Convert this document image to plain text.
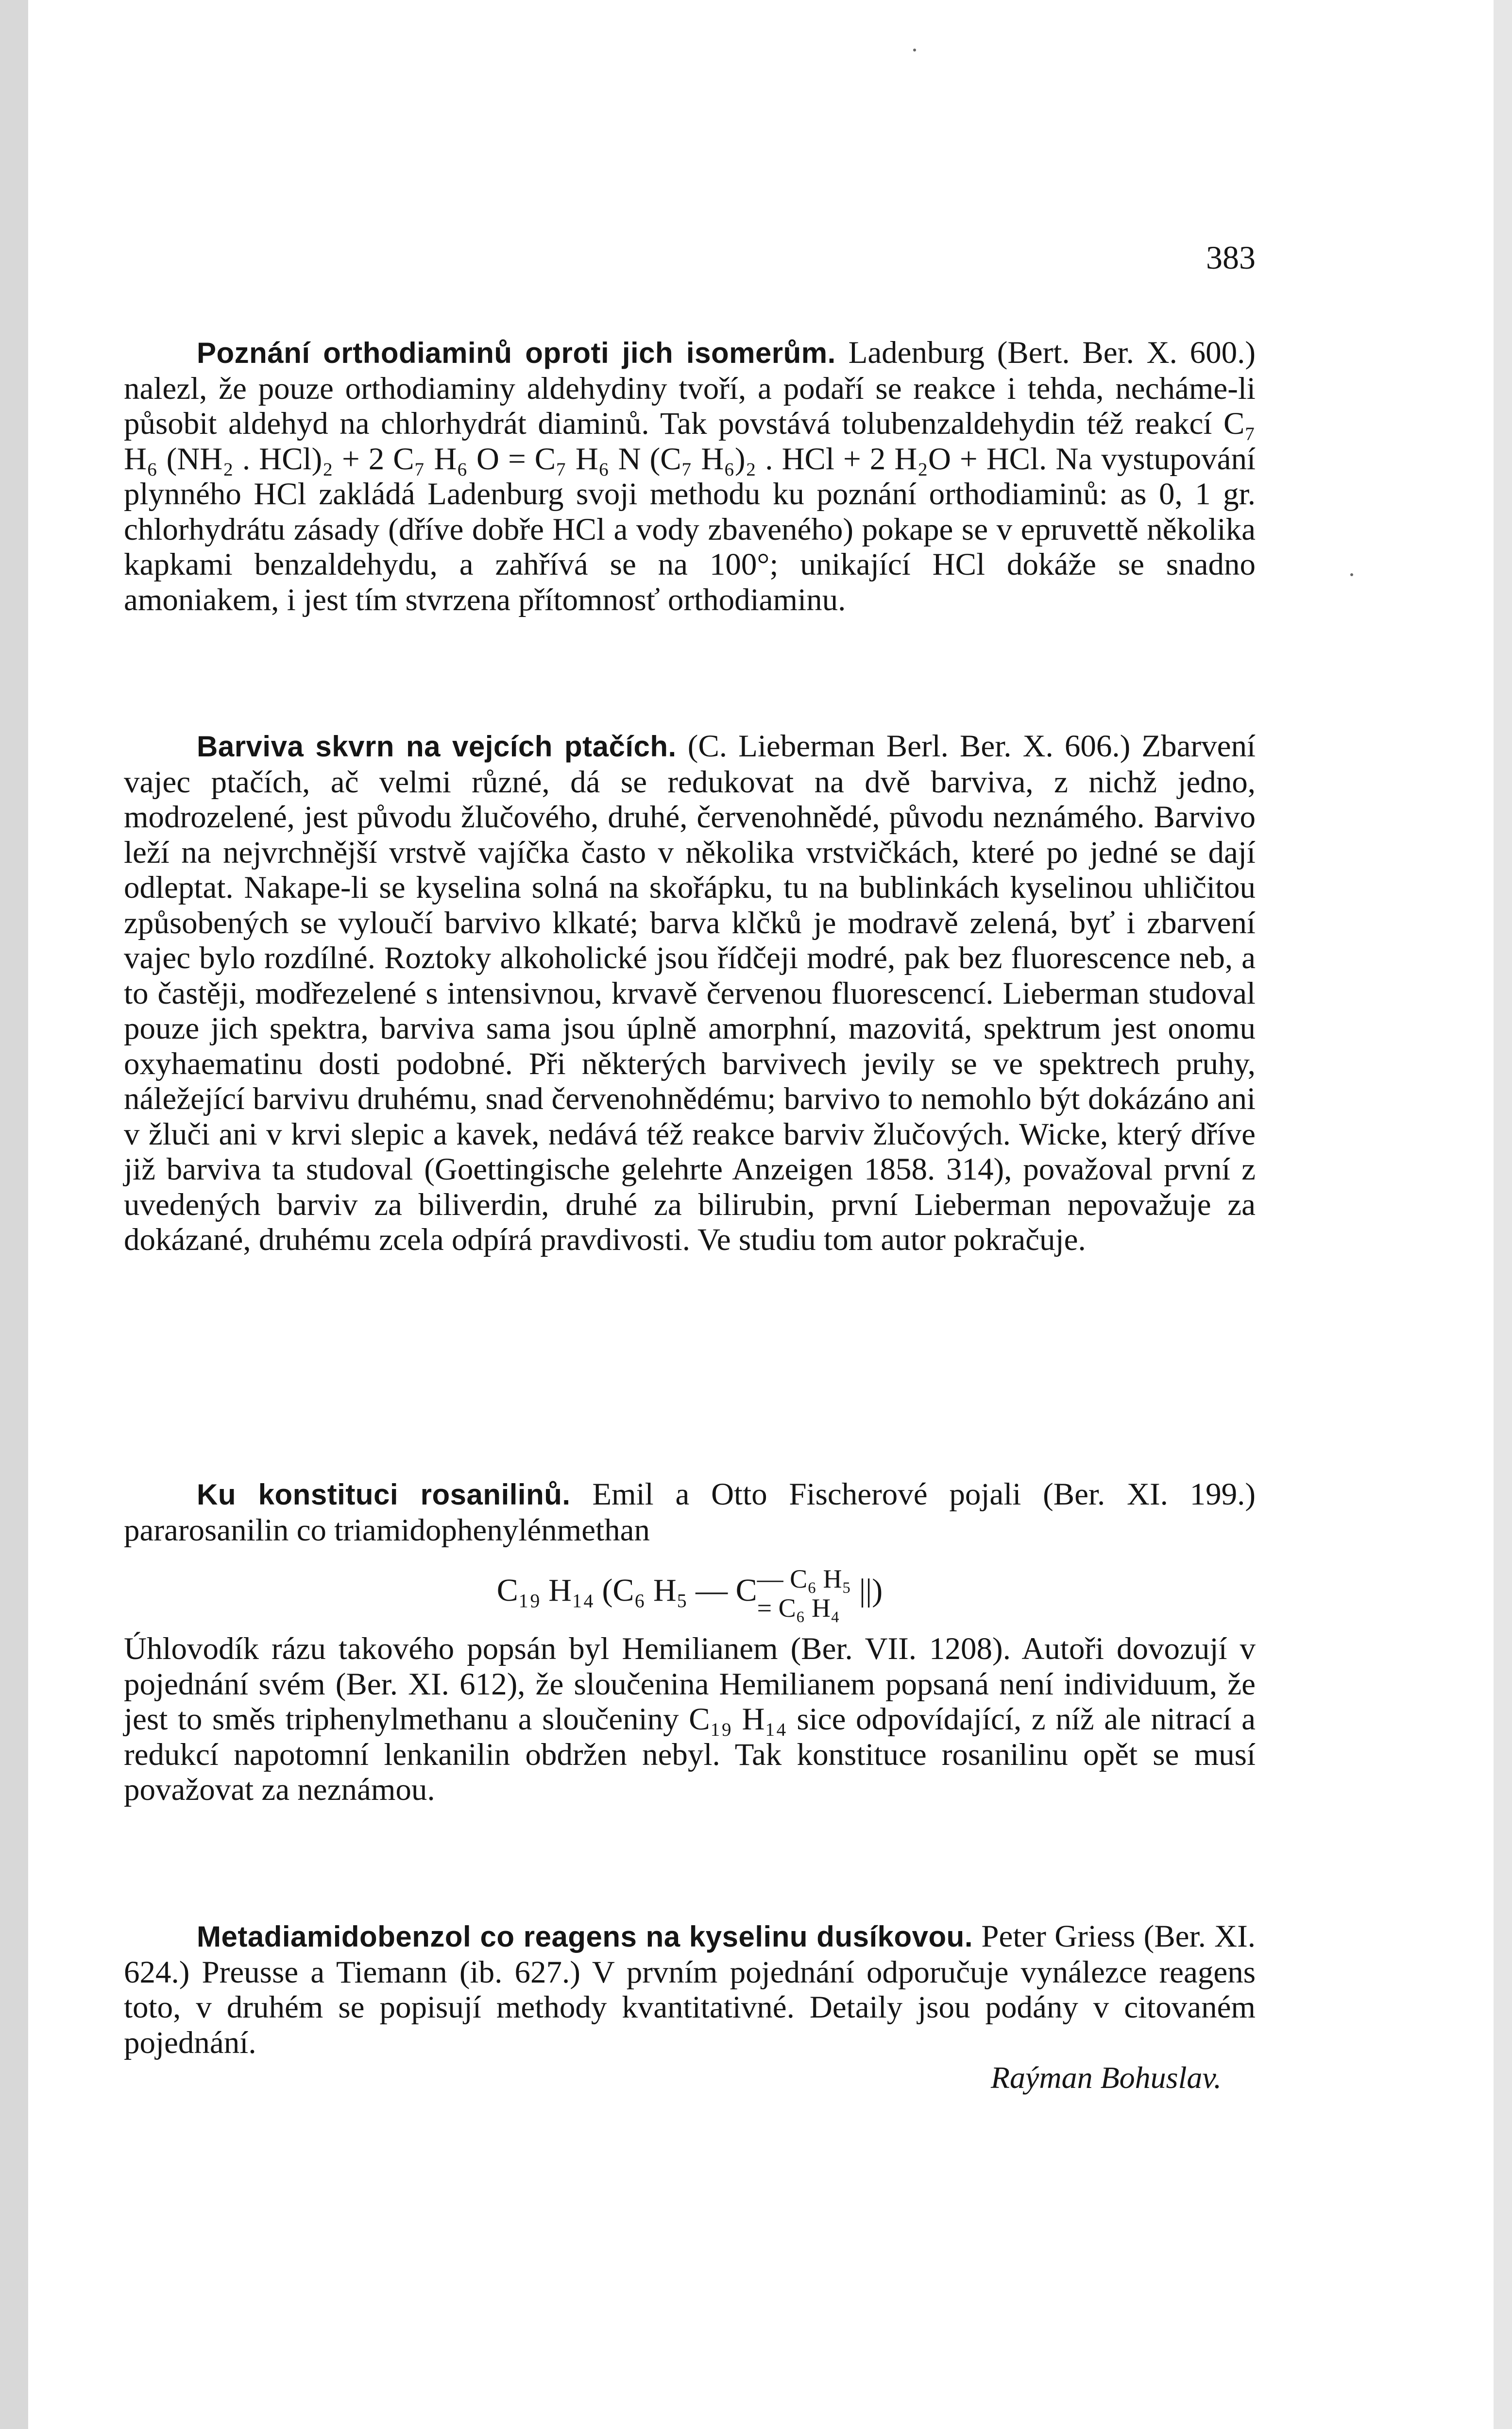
383

Poznání orthodiaminů oproti jich isomerům. Ladenburg (Bert. Ber. X. 600.) nalezl, že pouze orthodiaminy aldehydiny tvoří, a podaří se reakce i tehda, necháme-li působit aldehyd na chlorhydrát diaminů. Tak povstává tolubenzaldehydin též reakcí C₇ H₆ (NH₂ . HCl)₂ + 2 C₇ H₆ O = C₇ H₆ N (C₇ H₆)₂ . HCl + 2 H₂O + HCl. Na vystupování plynného HCl zakládá Ladenburg svoji methodu ku poznání orthodiaminů: as 0, 1 gr. chlorhydrátu zásady (dříve dobře HCl a vody zbaveného) pokape se v epruvettě několika kapkami benzaldehydu, a zahřívá se na 100°; unikající HCl dokáže se snadno amoniakem, i jest tím stvrzena přítomnosť orthodiaminu.

Barviva skvrn na vejcích ptačích. (C. Lieberman Berl. Ber. X. 606.) Zbarvení vajec ptačích, ač velmi různé, dá se redukovat na dvě barviva, z nichž jedno, modrozelené, jest původu žlučového, druhé, červenohnědé, původu neznámého. Barvivo leží na nejvrchnější vrstvě vajíčka často v několika vrstvičkách, které po jedné se dají odleptat. Nakape-li se kyselina solná na skořápku, tu na bublinkách kyselinou uhličitou způsobených se vyloučí barvivo klkaté; barva klčků je modravě zelená, byť i zbarvení vajec bylo rozdílné. Roztoky alkoholické jsou řídčeji modré, pak bez fluorescence neb, a to častěji, modřezelené s intensivnou, krvavě červenou fluorescencí. Lieberman studoval pouze jich spektra, barviva sama jsou úplně amorphní, mazovitá, spektrum jest onomu oxyhaematinu dosti podobné. Při některých barvivech jevily se ve spektrech pruhy, náležející barvivu druhému, snad červenohnědému; barvivo to nemohlo být dokázáno ani v žluči ani v krvi slepic a kavek, nedává též reakce barviv žlučových. Wicke, který dříve již barviva ta studoval (Goettingische gelehrte Anzeigen 1858. 314), považoval první z uvedených barviv za biliverdin, druhé za bilirubin, první Lieberman nepovažuje za dokázané, druhému zcela odpírá pravdivosti. Ve studiu tom autor pokračuje.

Ku konstituci rosanilinů. Emil a Otto Fischerové pojali (Ber. XI. 199.) pararosanilin co triamidophenylénmethan

C₁₉ H₁₄ (C₆ H₅ — C— C₆ H₅
= C₆ H₄ ||)

Úhlovodík rázu takového popsán byl Hemilianem (Ber. VII. 1208). Autoři dovozují v pojednání svém (Ber. XI. 612), že sloučenina Hemilianem popsaná není individuum, že jest to směs triphenylmethanu a sloučeniny C₁₉ H₁₄ sice odpovídající, z níž ale nitrací a redukcí napotomní lenkanilin obdržen nebyl. Tak konstituce rosanilinu opět se musí považovat za neznámou.

Metadiamidobenzol co reagens na kyselinu dusíkovou. Peter Griess (Ber. XI. 624.) Preusse a Tiemann (ib. 627.) V prvním pojednání odporučuje vynálezce reagens toto, v druhém se popisují methody kvantitativné. Detaily jsou podány v citovaném pojednání.

Raýman Bohuslav.
